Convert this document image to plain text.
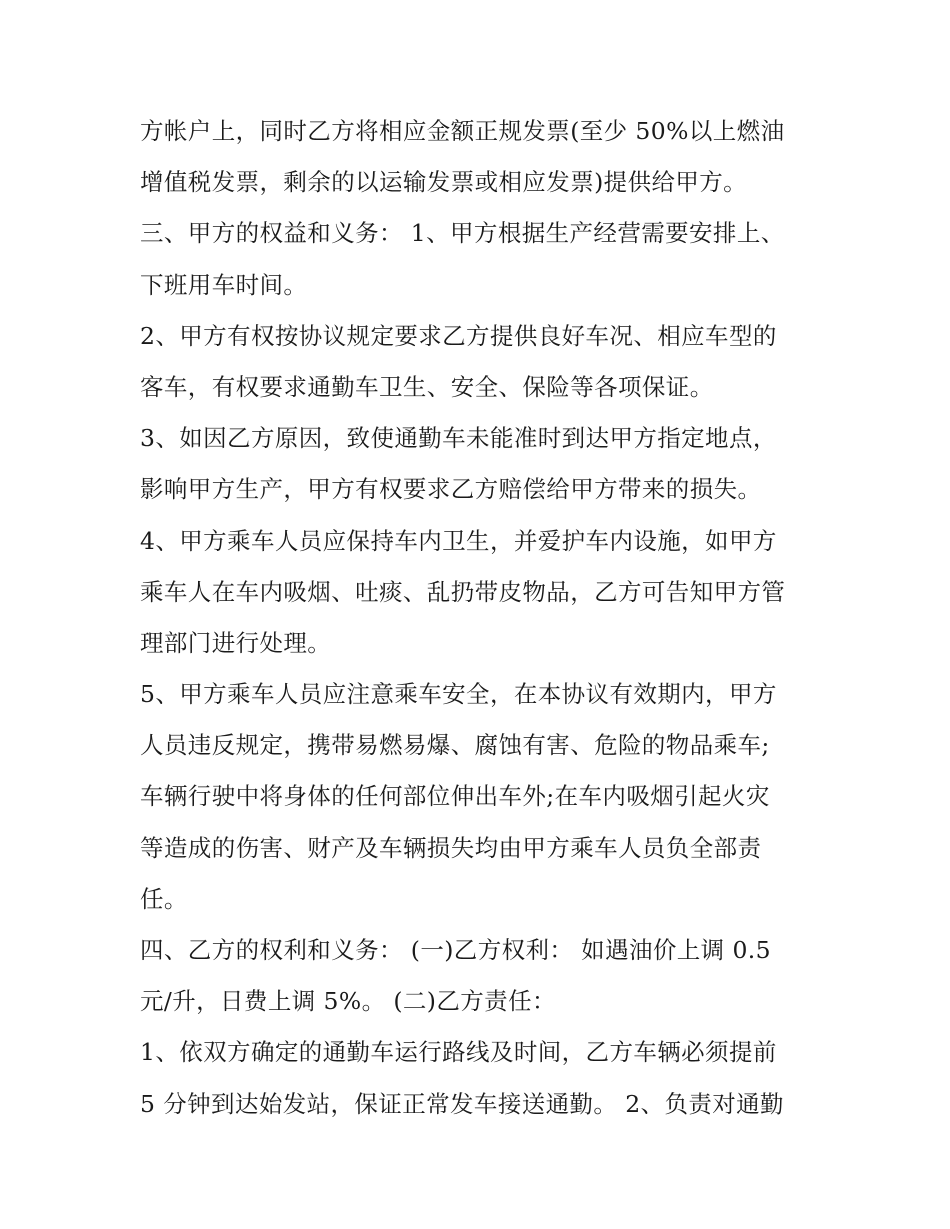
方帐户上，同时乙方将相应金额正规发票(至少 50%以上燃油
增值税发票，剩余的以运输发票或相应发票)提供给甲方。
三、甲方的权益和义务： 1、甲方根据生产经营需要安排上、
下班用车时间。
2、甲方有权按协议规定要求乙方提供良好车况、相应车型的
客车，有权要求通勤车卫生、安全、保险等各项保证。
3、如因乙方原因，致使通勤车未能准时到达甲方指定地点，
影响甲方生产，甲方有权要求乙方赔偿给甲方带来的损失。
4、甲方乘车人员应保持车内卫生，并爱护车内设施，如甲方
乘车人在车内吸烟、吐痰、乱扔带皮物品，乙方可告知甲方管
理部门进行处理。
5、甲方乘车人员应注意乘车安全，在本协议有效期内，甲方
人员违反规定，携带易燃易爆、腐蚀有害、危险的物品乘车;
车辆行驶中将身体的任何部位伸出车外;在车内吸烟引起火灾
等造成的伤害、财产及车辆损失均由甲方乘车人员负全部责
任。
四、乙方的权利和义务： (一)乙方权利： 如遇油价上调 0.5
元/升，日费上调 5%。 (二)乙方责任：
1、依双方确定的通勤车运行路线及时间，乙方车辆必须提前
5 分钟到达始发站，保证正常发车接送通勤。 2、负责对通勤
